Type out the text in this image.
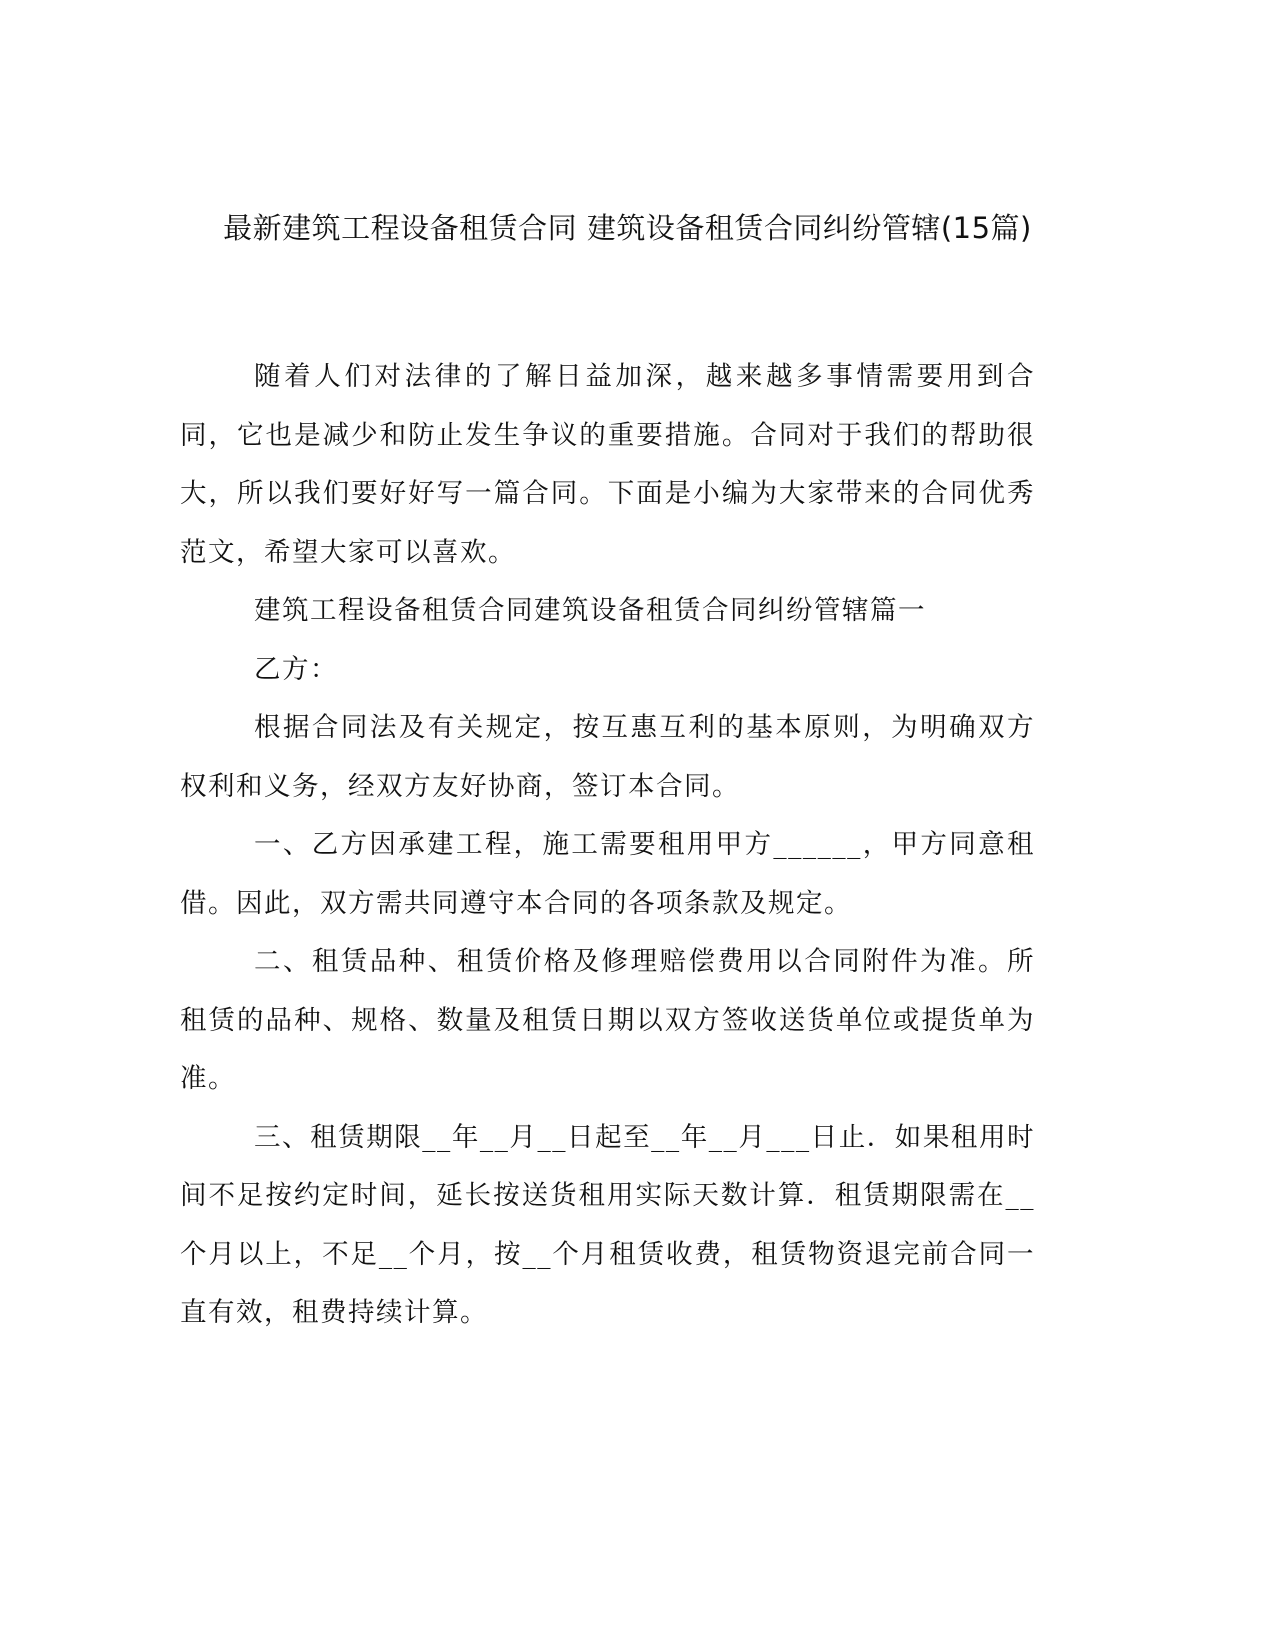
最新建筑工程设备租赁合同 建筑设备租赁合同纠纷管辖(15篇)

随着人们对法律的了解日益加深，越来越多事情需要用到合同，它也是减少和防止发生争议的重要措施。合同对于我们的帮助很大，所以我们要好好写一篇合同。下面是小编为大家带来的合同优秀范文，希望大家可以喜欢。

建筑工程设备租赁合同建筑设备租赁合同纠纷管辖篇一

乙方：

根据合同法及有关规定，按互惠互利的基本原则，为明确双方权利和义务，经双方友好协商，签订本合同。

一、乙方因承建工程，施工需要租用甲方______，甲方同意租借。因此，双方需共同遵守本合同的各项条款及规定。

二、租赁品种、租赁价格及修理赔偿费用以合同附件为准。所租赁的品种、规格、数量及租赁日期以双方签收送货单位或提货单为准。

三、租赁期限__年__月__日起至__年__月___日止．如果租用时间不足按约定时间，延长按送货租用实际天数计算．租赁期限需在__个月以上，不足__个月，按__个月租赁收费，租赁物资退完前合同一直有效，租费持续计算。
